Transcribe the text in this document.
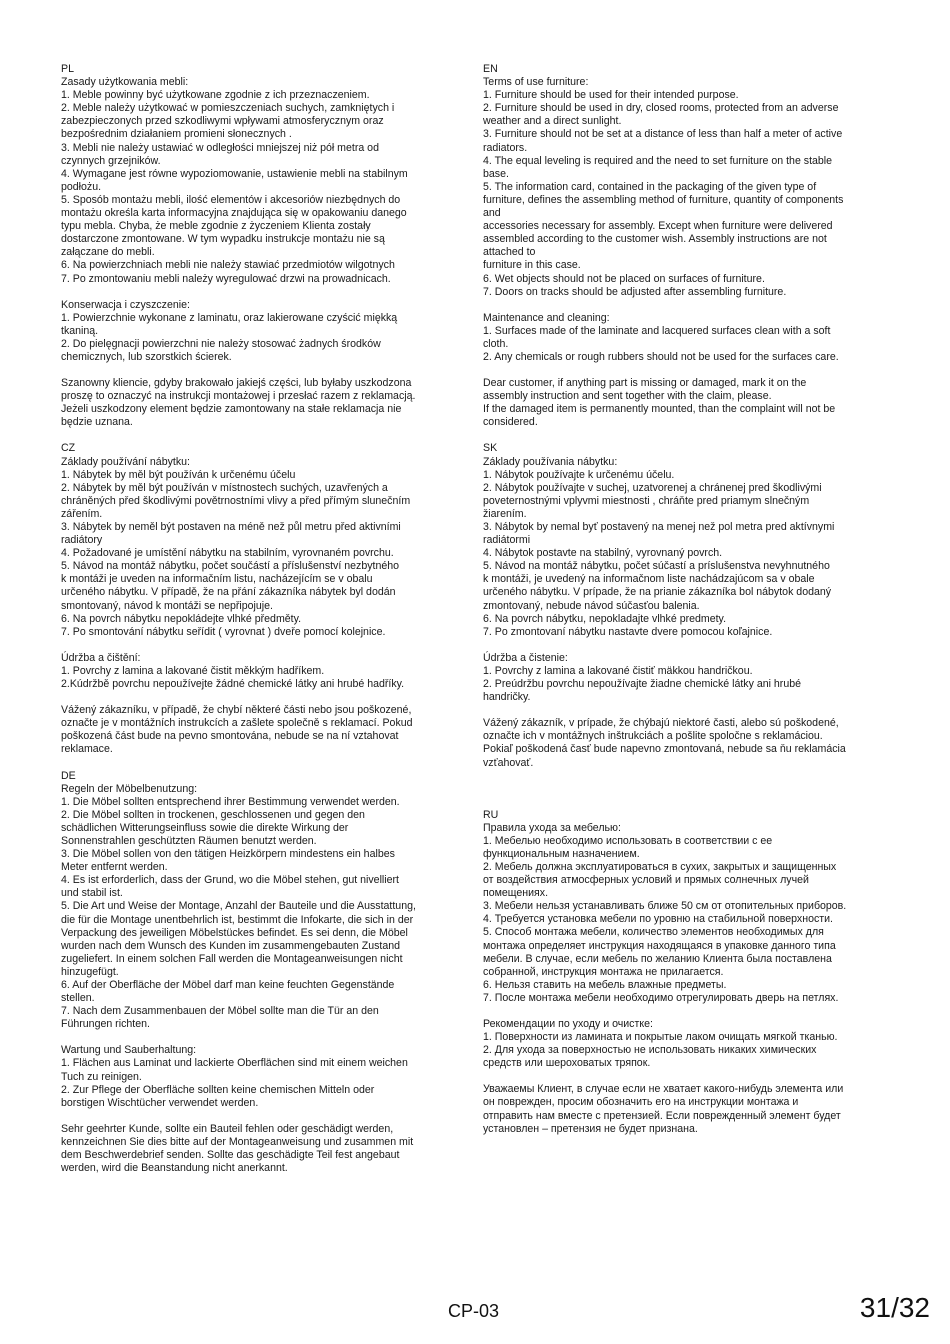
PL
Zasady użytkowania mebli:
1. Meble powinny być użytkowane zgodnie z ich przeznaczeniem.
2. Meble należy użytkować w pomieszczeniach suchych, zamkniętych i
zabezpieczonych przed szkodliwymi wpływami atmosferycznym oraz
bezpośrednim działaniem promieni słonecznych .
3. Mebli nie należy ustawiać w odległości mniejszej niż pół metra od
czynnych grzejników.
4. Wymagane jest równe wypoziomowanie, ustawienie mebli na stabilnym
podłożu.
5. Sposób montażu mebli, ilość elementów i akcesoriów niezbędnych do
montażu określa karta informacyjna znajdująca się w opakowaniu danego
typu mebla. Chyba, że meble zgodnie z życzeniem Klienta zostały
dostarczone zmontowane. W tym wypadku instrukcje montażu nie są
załączane do mebli.
6. Na powierzchniach mebli nie należy stawiać przedmiotów wilgotnych
7. Po zmontowaniu mebli należy wyregulować drzwi na prowadnicach.
Konserwacja i czyszczenie:
1. Powierzchnie wykonane z laminatu, oraz lakierowane czyścić miękką
tkaniną.
2. Do pielęgnacji powierzchni nie należy stosować żadnych środków
chemicznych, lub szorstkich ścierek.
Szanowny kliencie, gdyby brakowało jakiejś części, lub byłaby uszkodzona
proszę to oznaczyć na instrukcji montażowej i przesłać razem z reklamacją.
Jeżeli uszkodzony element będzie zamontowany na stałe reklamacja nie
będzie uznana.
CZ
Základy používání nábytku:
1. Nábytek by měl být používán k určenému účelu
2. Nábytek by měl být používán v místnostech suchých, uzavřených a
chráněných před škodlivými povětrnostními vlivy a před přímým slunečním
zářením.
3. Nábytek by neměl být postaven na méně než půl metru před aktivními
radiátory
4. Požadované je umístění nábytku na stabilním, vyrovnaném povrchu.
5. Návod na montáž nábytku, počet součástí a příslušenství nezbytného
k montáži je uveden na informačním listu, nacházejícím se v obalu
určeného nábytku. V případě, že na přání zákazníka nábytek byl dodán
smontovaný, návod k montáži se nepřipojuje.
6. Na povrch nábytku nepokládejte vlhké předměty.
7. Po smontování nábytku seřídit ( vyrovnat ) dveře pomocí kolejnice.
Údržba a čištění:
1. Povrchy z lamina a lakované čistit měkkým hadříkem.
2.Kúdržbě povrchu nepoužívejte žádné chemické látky ani hrubé hadříky.
Vážený zákazníku, v případě, že chybí některé části nebo jsou poškozené,
označte je v montážních instrukcích a zašlete společně s reklamací. Pokud
poškozená část bude na pevno smontována, nebude se na ní vztahovat
reklamace.
DE
Regeln der Möbelbenutzung:
1. Die Möbel sollten entsprechend ihrer Bestimmung verwendet werden.
2. Die Möbel sollten in trockenen, geschlossenen und gegen den
schädlichen Witterungseinfluss sowie die direkte Wirkung der
Sonnenstrahlen geschützten Räumen benutzt werden.
3. Die Möbel sollen von den tätigen Heizkörpern mindestens ein halbes
Meter entfernt werden.
4. Es ist erforderlich, dass der Grund, wo die Möbel stehen, gut nivelliert
und stabil ist.
5. Die Art und Weise der Montage, Anzahl der Bauteile und die Ausstattung,
die für die Montage unentbehrlich ist, bestimmt die Infokarte, die sich in der
Verpackung des jeweiligen Möbelstückes befindet. Es sei denn, die Möbel
wurden nach dem Wunsch des Kunden im zusammengebauten Zustand
zugeliefert. In einem solchen Fall werden die Montageanweisungen nicht
hinzugefügt.
6. Auf der Oberfläche der Möbel darf man keine feuchten Gegenstände
stellen.
7. Nach dem Zusammenbauen der Möbel sollte man die Tür an den
Führungen richten.
Wartung und Sauberhaltung:
1. Flächen aus Laminat und lackierte Oberflächen sind mit einem weichen
Tuch zu reinigen.
2. Zur Pflege der Oberfläche sollten keine chemischen Mitteln oder
borstigen Wischtücher verwendet werden.
Sehr geehrter Kunde, sollte ein Bauteil fehlen oder geschädigt werden,
kennzeichnen Sie dies bitte auf der Montageanweisung und zusammen mit
dem Beschwerdebrief senden. Sollte das geschädigte Teil fest angebaut
werden, wird die Beanstandung nicht anerkannt.
EN
Terms of use furniture:
1. Furniture should be used for their intended purpose.
2. Furniture should be used in dry, closed rooms, protected from an adverse
weather and a direct sunlight.
3. Furniture should not be set at a distance of less than half a meter of active
radiators.
4. The equal leveling is required and the need to set furniture on the stable
base.
5. The information card, contained in the packaging of the given type of
furniture, defines the assembling method of furniture, quantity of components
and
accessories necessary for assembly. Except when furniture were delivered
assembled according to the customer wish. Assembly instructions are not
attached to
furniture in this case.
6. Wet objects should not be placed on surfaces of furniture.
7. Doors on tracks should be adjusted after assembling furniture.
Maintenance and cleaning:
1. Surfaces made of the laminate and lacquered surfaces clean with a soft
cloth.
2. Any chemicals or rough rubbers should not be used for the surfaces care.
Dear customer, if anything part is missing or damaged, mark it on the
assembly instruction and sent together with the claim, please.
If the damaged item is permanently mounted, than the complaint will not be
considered.
SK
Základy používania nábytku:
1. Nábytok používajte k určenému účelu.
2. Nábytok používajte v suchej, uzatvorenej a chránenej pred škodlivými
poveternostnými vplyvmi miestnosti , chráňte pred priamym slnečným
žiarením.
3. Nábytok by nemal byť postavený na menej než pol metra pred aktívnymi
radiátormi
4. Nábytok postavte na stabilný, vyrovnaný povrch.
5. Návod na montáž nábytku, počet súčastí a príslušenstva nevyhnutného
k montáži, je uvedený na informačnom liste nachádzajúcom sa v obale
určeného nábytku. V prípade, že na prianie zákazníka bol nábytok dodaný
zmontovaný, nebude návod súčasťou balenia.
6. Na povrch nábytku, nepokladajte vlhké predmety.
7. Po zmontovaní nábytku nastavte dvere pomocou koľajnice.
Údržba a čistenie:
1. Povrchy z lamina a lakované čistiť mäkkou handričkou.
2. Preúdržbu povrchu nepoužívajte žiadne chemické látky ani hrubé
handričky.
Vážený zákazník, v prípade, že chýbajú niektoré časti, alebo sú poškodené,
označte ich v montážnych inštrukciách a pošlite spoločne s reklamáciou.
Pokiaľ poškodená časť bude napevno zmontovaná, nebude sa ňu reklamácia
vzťahovať.
RU
Правила ухода за мебелью:
1. Мебелью необходимо использовать в соответствии с ее
функциональным назначением.
2. Мебель должна эксплуатироваться в сухих, закрытых и защищенных
от воздействия атмосферных условий и прямых солнечных лучей
помещениях.
3. Мебели нельзя устанавливать ближе 50 см от отопительных приборов.
4. Требуется установка мебели по уровню на стабильной поверхности.
5. Способ монтажа мебели, количество элементов необходимых для
монтажа определяет инструкция находящаяся в упаковке данного типа
мебели. В случае, если мебель по желанию Клиента была поставлена
собранной, инструкция монтажа не прилагается.
6. Нельзя ставить на мебель влажные предметы.
7. После монтажа мебели необходимо отрегулировать дверь на петлях.
Рекомендации по уходу и очистке:
1. Поверхности из ламината и покрытые лаком очищать мягкой тканью.
2. Для ухода за поверхностью не использовать никаких химических
средств или шероховатых тряпок.
Уважаемы Клиент, в случае если не хватает какого-нибудь элемента или
он поврежден, просим обозначить его на инструкции монтажа и
отправить нам вместе с претензией. Если поврежденный элемент будет
установлен – претензия не будет признана.
CP-03	31/32
